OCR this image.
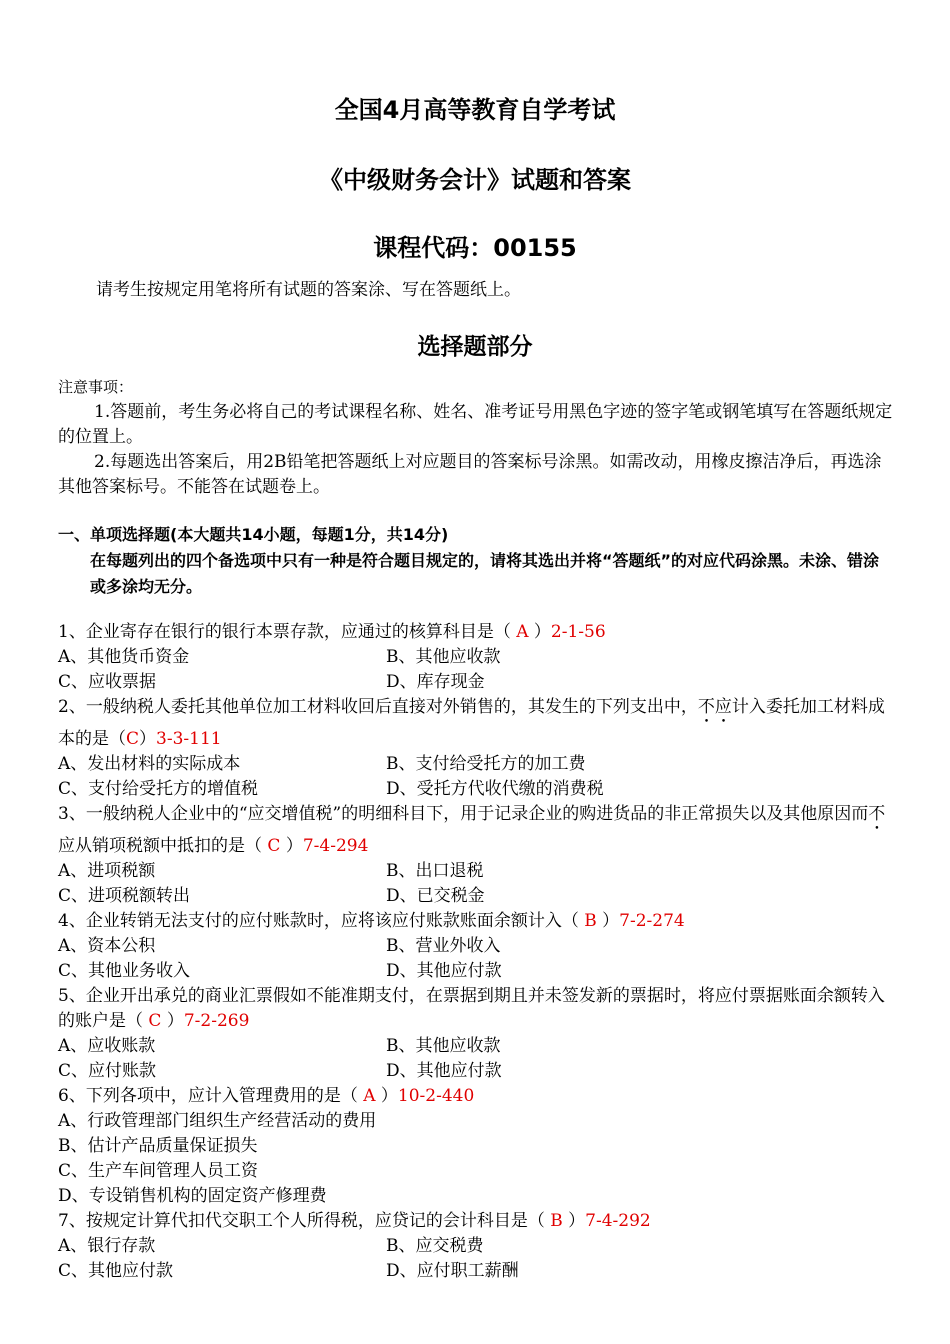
全国4月高等教育自学考试
《中级财务会计》试题和答案
课程代码：00155
请考生按规定用笔将所有试题的答案涂、写在答题纸上。
选择题部分
注意事项：
1.答题前，考生务必将自己的考试课程名称、姓名、准考证号用黑色字迹的签字笔或钢笔填写在答题纸规定的位置上。
2.每题选出答案后，用2B铅笔把答题纸上对应题目的答案标号涂黑。如需改动，用橡皮擦洁净后，再选涂其他答案标号。不能答在试题卷上。
一、单项选择题(本大题共14小题，每题1分，共14分)
在每题列出的四个备选项中只有一种是符合题目规定的，请将其选出并将“答题纸”的对应代码涂黑。未涂、错涂或多涂均无分。
1、企业寄存在银行的银行本票存款，应通过的核算科目是（ A ）2-1-56
A、其他货币资金	B、其他应收款
C、应收票据	D、库存现金
2、一般纳税人委托其他单位加工材料收回后直接对外销售的，其发生的下列支出中，不应计入委托加工材料成本的是（C）3-3-111
A、发出材料的实际成本	B、支付给受托方的加工费
C、支付给受托方的增值税	D、受托方代收代缴的消费税
3、一般纳税人企业中的“应交增值税”的明细科目下，用于记录企业的购进货品的非正常损失以及其他原因而不应从销项税额中抵扣的是（ C ）7-4-294
A、进项税额	B、出口退税
C、进项税额转出	D、已交税金
4、企业转销无法支付的应付账款时，应将该应付账款账面余额计入（ B ）7-2-274
A、资本公积	B、营业外收入
C、其他业务收入	D、其他应付款
5、企业开出承兑的商业汇票假如不能准期支付，在票据到期且并未签发新的票据时，将应付票据账面余额转入的账户是（ C ）7-2-269
A、应收账款	B、其他应收款
C、应付账款	D、其他应付款
6、下列各项中，应计入管理费用的是（ A ）10-2-440
A、行政管理部门组织生产经营活动的费用
B、估计产品质量保证损失
C、生产车间管理人员工资
D、专设销售机构的固定资产修理费
7、按规定计算代扣代交职工个人所得税，应贷记的会计科目是（ B ）7-4-292
A、银行存款	B、应交税费
C、其他应付款	D、应付职工薪酬
